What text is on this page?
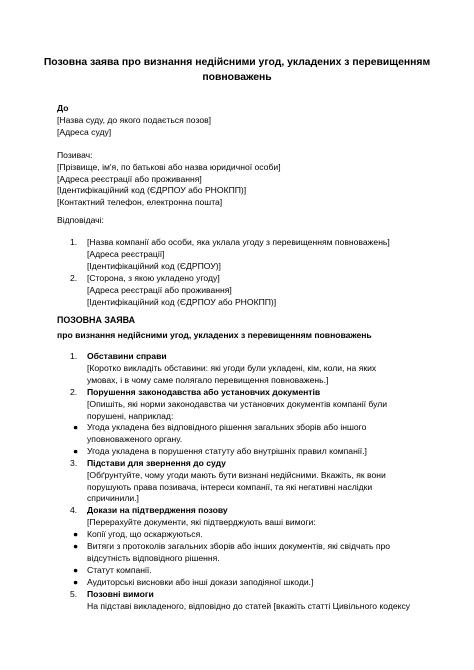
Позовна заява про визнання недійсними угод, укладених з перевищенням повноважень
До
[Назва суду, до якого подається позов]
[Адреса суду]
Позивач:
[Прізвище, ім'я, по батькові або назва юридичної особи]
[Адреса реєстрації або проживання]
[Ідентифікаційний код (ЄДРПОУ або РНОКПП)]
[Контактний телефон, електронна пошта]
Відповідачі:
1. [Назва компанії або особи, яка уклала угоду з перевищенням повноважень]
[Адреса реєстрації]
[Ідентифікаційний код (ЄДРПОУ)]
2. [Сторона, з якою укладено угоду]
[Адреса реєстрації або проживання]
[Ідентифікаційний код (ЄДРПОУ або РНОКПП)]
ПОЗОВНА ЗАЯВА
про визнання недійсними угод, укладених з перевищенням повноважень
1. Обставини справи
[Коротко викладіть обставини: які угоди були укладені, кім, коли, на яких
умовах, і в чому саме полягало перевищення повноважень.]
2. Порушення законодавства або установчих документів
[Опишіть, які норми законодавства чи установчих документів компанії були
порушені, наприклад:
● Угода укладена без відповідного рішення загальних зборів або іншого
уповноваженого органу.
● Угода укладена в порушення статуту або внутрішніх правил компанії.]
3. Підстави для звернення до суду
[Обґрунтуйте, чому угоди мають бути визнані недійсними. Вкажіть, як вони
порушують права позивача, інтереси компанії, та які негативні наслідки
спричинили.]
4. Докази на підтвердження позову
[Перерахуйте документи, які підтверджують ваші вимоги:
● Копії угод, що оскаржуються.
● Витяги з протоколів загальних зборів або інших документів, які свідчать про
відсутність відповідного рішення.
● Статут компанії.
● Аудиторські висновки або інші докази заподіяної шкоди.]
5. Позовні вимоги
На підставі викладеного, відповідно до статей [вкажіть статті Цивільного кодексу
